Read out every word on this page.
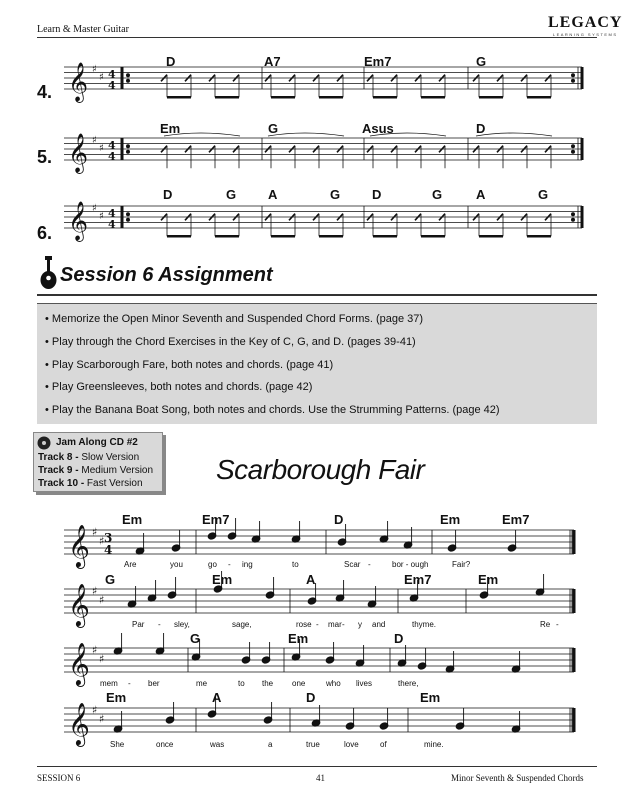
Learn & Master Guitar	LEGACY
LEARNING SYSTEMS
4.
D	A7	Em7	G
5.
Em	G	Asus	D
6.
D	G A	G D	G	A	G
𝄞 ♯
♯ 4
4
𝄞 ♯
♯ 4
4
𝄞 ♯
♯ 4
4
𝄞 ♯
♯ 3
4
𝄞 ♯
♯
𝄞 ♯
♯
𝄞 ♯
♯
Session 6 Assignment
• Memorize the Open Minor Seventh and Suspended Chord Forms. (page 37)
• Play through the Chord Exercises in the Key of C, G, and D. (pages 39-41)
• Play Scarborough Fare, both notes and chords. (page 41)
• Play Greensleeves, both notes and chords. (page 42)
• Play the Banana Boat Song, both notes and chords. Use the Strumming Patterns. (page 42)
Jam Along CD #2
Track 8 - Slow Version
Track 9 - Medium Version
Track 10 - Fast Version	Scarborough Fair
Em	Em7	D	Em	Em7
Are	you	go - ing	to	Scar -	bor - ough	Fair?
G	Em	A	Em7	Em
Par - sley,	sage,	rose - mar - y and	thyme.	Re -
G	Em	D
mem - ber	me	to the one	who lives	there,
Em	A	D	Em
She	once	was	a	true	love	of	mine.
SESSION 6	41	Minor Seventh & Suspended Chords
